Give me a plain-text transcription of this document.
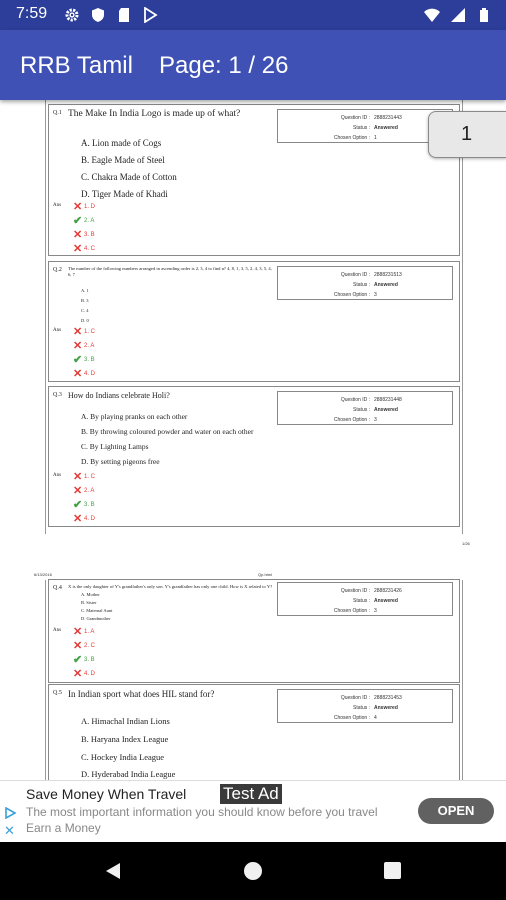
7:59
RRB Tamil Page: 1 / 26
Q.1 The Make In India Logo is made up of what?
A. Lion made of Cogs
B. Eagle Made of Steel
C. Chakra Made of Cotton
D. Tiger Made of Khadi
Ans ✕ 1. D
✔ 2. A
✕ 3. B
✕ 4. C
Question ID : 2888231443
Status : Answered
Chosen Option : 1
Q.2 The number of the following numbers arranged in ascending order is 2, 3, 4 to find n? 4, 8, 1, 3, 5, 2, 4, 3, 5, 4, 6, 7
A. 1
B. 3
C. 4
D. 0
Ans ✕ 1. C
✕ 2. A
✔ 3. B
✕ 4. D
Question ID : 2888231513
Status : Answered
Chosen Option : 3
Q.3 How do Indians celebrate Holi?
A. By playing pranks on each other
B. By throwing coloured powder and water on each other
C. By Lighting Lamps
D. By setting pigeons free
Ans ✕ 1. C
✕ 2. A
✔ 3. B
✕ 4. D
Question ID : 2888231448
Status : Answered
Chosen Option : 3
1/26
6/13/2016	Qp.html
Q.4 X is the only daughter of Y's grandfather's only son. Y's grandfather has only one child. How is X related to Y?
A. Mother
B. Sister
C. Maternal Aunt
D. Grandmother
Ans ✕ 1. A
✕ 2. C
✔ 3. B
✕ 4. D
Question ID : 2888231426
Status : Answered
Chosen Option : 3
Q.5 In Indian sport what does HIL stand for?
A. Himachal Indian Lions
B. Haryana Index League
C. Hockey India League
D. Hyderabad India League
Question ID : 2888231453
Status : Answered
Chosen Option : 4
1
Save Money When Travel Test Ad
The most important information you should know before you travel
✕ Earn a Money
OPEN
